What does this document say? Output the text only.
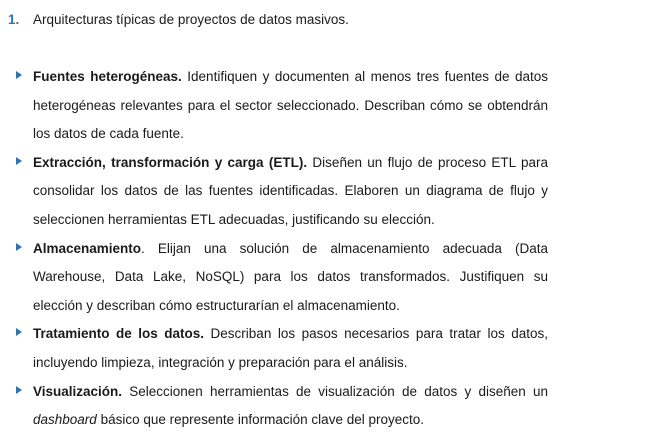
1. Arquitecturas típicas de proyectos de datos masivos.
Fuentes heterogéneas. Identifiquen y documenten al menos tres fuentes de datos heterogéneas relevantes para el sector seleccionado. Describan cómo se obtendrán los datos de cada fuente.
Extracción, transformación y carga (ETL). Diseñen un flujo de proceso ETL para consolidar los datos de las fuentes identificadas. Elaboren un diagrama de flujo y seleccionen herramientas ETL adecuadas, justificando su elección.
Almacenamiento. Elijan una solución de almacenamiento adecuada (Data Warehouse, Data Lake, NoSQL) para los datos transformados. Justifiquen su elección y describan cómo estructurarían el almacenamiento.
Tratamiento de los datos. Describan los pasos necesarios para tratar los datos, incluyendo limpieza, integración y preparación para el análisis.
Visualización. Seleccionen herramientas de visualización de datos y diseñen un dashboard básico que represente información clave del proyecto.
